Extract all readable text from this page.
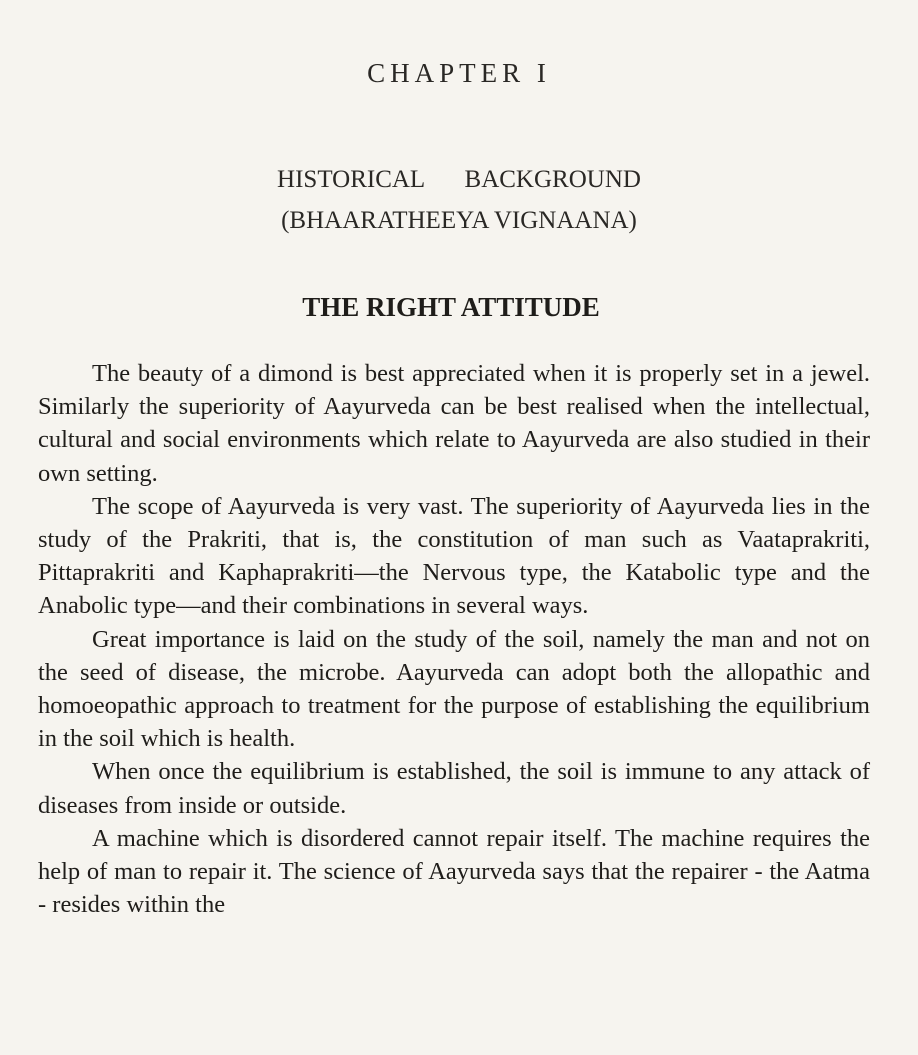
CHAPTER I
HISTORICAL BACKGROUND
(BHAARATHEEYA VIGNAANA)
THE RIGHT ATTITUDE

The beauty of a dimond is best appreciated when it is properly set in a jewel. Similarly the superiority of Aayurveda can be best realised when the intellectual, cultural and social environments which relate to Aayurveda are also studied in their own setting.

The scope of Aayurveda is very vast. The superiority of Aayurveda lies in the study of the Prakriti, that is, the constitution of man such as Vaataprakriti, Pittaprakriti and Kaphaprakriti—the Nervous type, the Katabolic type and the Anabolic type—and their combinations in several ways.

Great importance is laid on the study of the soil, namely the man and not on the seed of disease, the microbe. Aayurveda can adopt both the allopathic and homoeopathic approach to treatment for the purpose of establishing the equilibrium in the soil which is health.

When once the equilibrium is established, the soil is immune to any attack of diseases from inside or outside.

A machine which is disordered cannot repair itself. The machine requires the help of man to repair it. The science of Aayurveda says that the repairer - the Aatma - resides within the
